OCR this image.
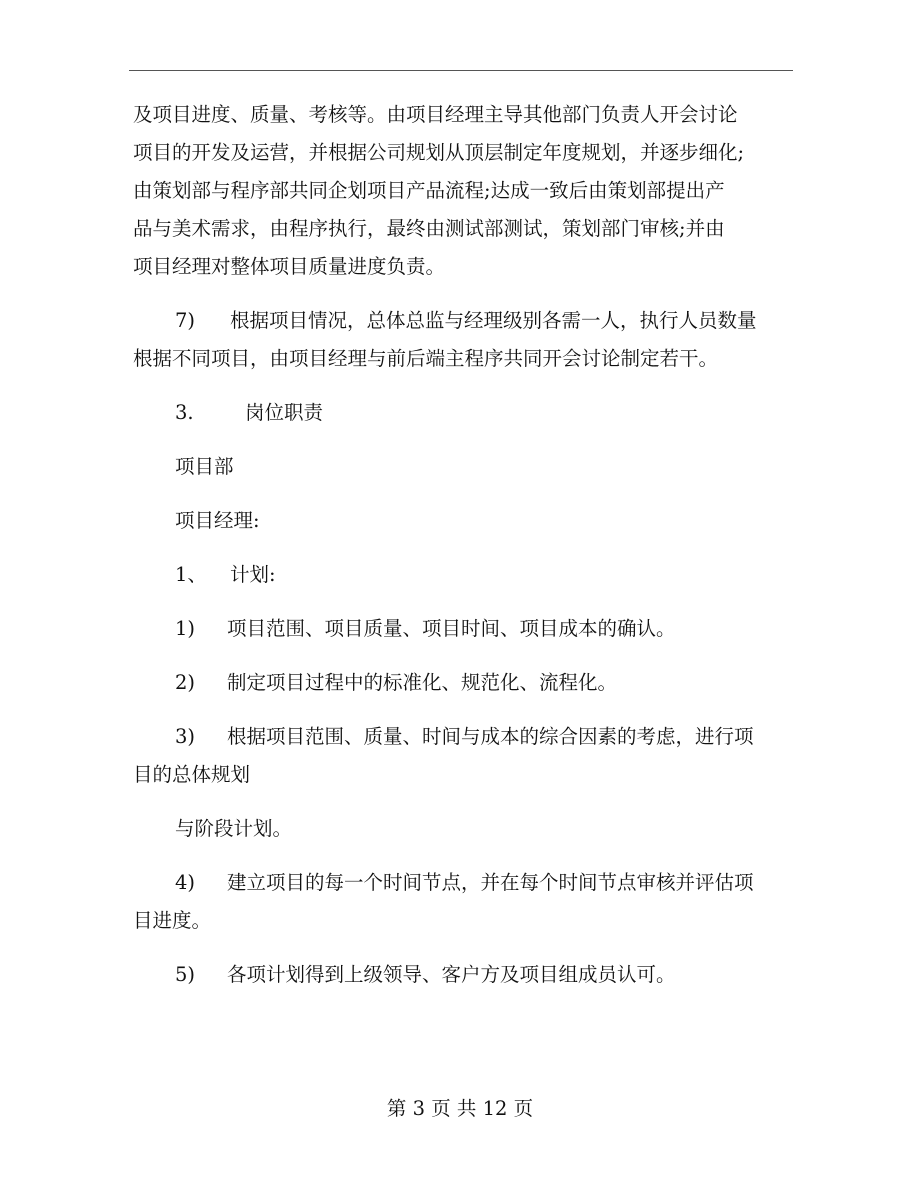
及项目进度、质量、考核等。由项目经理主导其他部门负责人开会讨论
项目的开发及运营，并根据公司规划从顶层制定年度规划，并逐步细化;
由策划部与程序部共同企划项目产品流程;达成一致后由策划部提出产
品与美术需求，由程序执行，最终由测试部测试，策划部门审核;并由
项目经理对整体项目质量进度负责。
7) 根据项目情况，总体总监与经理级别各需一人，执行人员数量
根据不同项目，由项目经理与前后端主程序共同开会讨论制定若干。
3.	岗位职责
项目部
项目经理:
1、 计划:
1) 项目范围、项目质量、项目时间、项目成本的确认。
2) 制定项目过程中的标准化、规范化、流程化。
3) 根据项目范围、质量、时间与成本的综合因素的考虑，进行项
目的总体规划
与阶段计划。
4) 建立项目的每一个时间节点，并在每个时间节点审核并评估项
目进度。
5) 各项计划得到上级领导、客户方及项目组成员认可。
第 3 页 共 12 页
